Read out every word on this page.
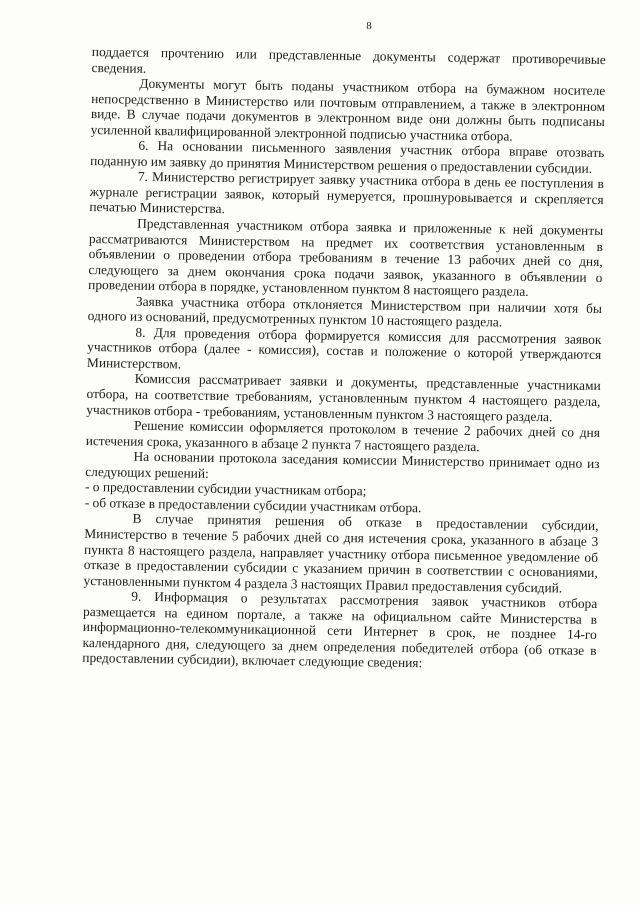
8

поддается прочтению или представленные документы содержат противоречивые сведения.

Документы могут быть поданы участником отбора на бумажном носителе непосредственно в Министерство или почтовым отправлением, а также в электронном виде. В случае подачи документов в электронном виде они должны быть подписаны усиленной квалифицированной электронной подписью участника отбора.

6. На основании письменного заявления участник отбора вправе отозвать поданную им заявку до принятия Министерством решения о предоставлении субсидии.

7. Министерство регистрирует заявку участника отбора в день ее поступления в журнале регистрации заявок, который нумеруется, прошнуровывается и скрепляется печатью Министерства.

Представленная участником отбора заявка и приложенные к ней документы рассматриваются Министерством на предмет их соответствия установленным в объявлении о проведении отбора требованиям в течение 13 рабочих дней со дня, следующего за днем окончания срока подачи заявок, указанного в объявлении о проведении отбора в порядке, установленном пунктом 8 настоящего раздела.

Заявка участника отбора отклоняется Министерством при наличии хотя бы одного из оснований, предусмотренных пунктом 10 настоящего раздела.

8. Для проведения отбора формируется комиссия для рассмотрения заявок участников отбора (далее - комиссия), состав и положение о которой утверждаются Министерством.

Комиссия рассматривает заявки и документы, представленные участниками отбора, на соответствие требованиям, установленным пунктом 4 настоящего раздела, участников отбора - требованиям, установленным пунктом 3 настоящего раздела.

Решение комиссии оформляется протоколом в течение 2 рабочих дней со дня истечения срока, указанного в абзаце 2 пункта 7 настоящего раздела.

На основании протокола заседания комиссии Министерство принимает одно из следующих решений:

- о предоставлении субсидии участникам отбора;

- об отказе в предоставлении субсидии участникам отбора.

В случае принятия решения об отказе в предоставлении субсидии, Министерство в течение 5 рабочих дней со дня истечения срока, указанного в абзаце 3 пункта 8 настоящего раздела, направляет участнику отбора письменное уведомление об отказе в предоставлении субсидии с указанием причин в соответствии с основаниями, установленными пунктом 4 раздела 3 настоящих Правил предоставления субсидий.

9. Информация о результатах рассмотрения заявок участников отбора размещается на едином портале, а также на официальном сайте Министерства в информационно-телекоммуникационной сети Интернет в срок, не позднее 14-го календарного дня, следующего за днем определения победителей отбора (об отказе в предоставлении субсидии), включает следующие сведения:
